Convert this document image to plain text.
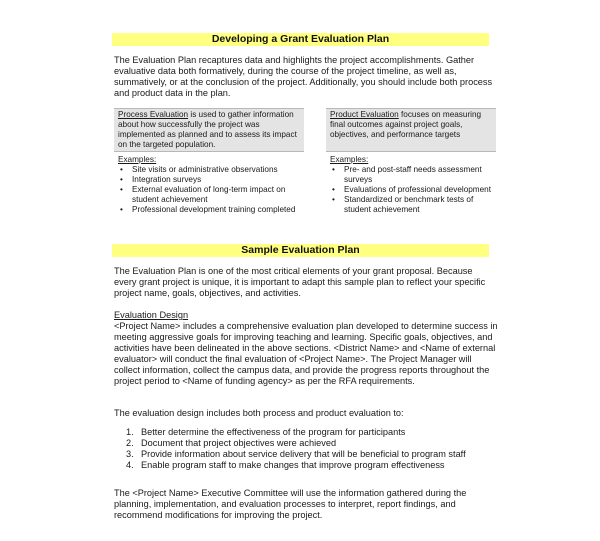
Developing a Grant Evaluation Plan

The Evaluation Plan recaptures data and highlights the project accomplishments. Gather evaluative data both formatively, during the course of the project timeline, as well as, summatively, or at the conclusion of the project. Additionally, you should include both process and product data in the plan.

Process Evaluation is used to gather information about how successfully the project was implemented as planned and to assess its impact on the targeted population.
Product Evaluation focuses on measuring final outcomes against project goals, objectives, and performance targets
Examples:
• Site visits or administrative observations
• Integration surveys
• External evaluation of long-term impact on student achievement
• Professional development training completed
Examples:
• Pre- and post-staff needs assessment surveys
• Evaluations of professional development
• Standardized or benchmark tests of student achievement
Sample Evaluation Plan

The Evaluation Plan is one of the most critical elements of your grant proposal. Because every grant project is unique, it is important to adapt this sample plan to reflect your specific project name, goals, objectives, and activities.

Evaluation Design

<Project Name> includes a comprehensive evaluation plan developed to determine success in meeting aggressive goals for improving teaching and learning. Specific goals, objectives, and activities have been delineated in the above sections. <District Name> and <Name of external evaluator> will conduct the final evaluation of <Project Name>. The Project Manager will collect information, collect the campus data, and provide the progress reports throughout the project period to <Name of funding agency> as per the RFA requirements.

The evaluation design includes both process and product evaluation to:

1. Better determine the effectiveness of the program for participants
2. Document that project objectives were achieved
3. Provide information about service delivery that will be beneficial to program staff
4. Enable program staff to make changes that improve program effectiveness

The <Project Name> Executive Committee will use the information gathered during the planning, implementation, and evaluation processes to interpret, report findings, and recommend modifications for improving the project.
